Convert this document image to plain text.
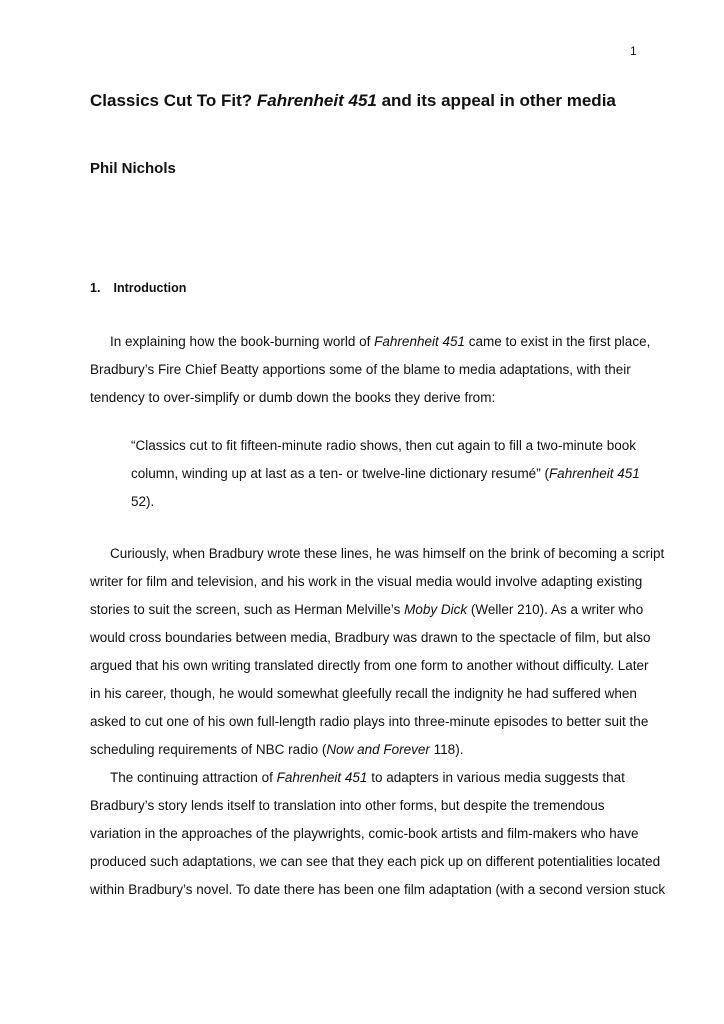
1
Classics Cut To Fit? Fahrenheit 451 and its appeal in other media
Phil Nichols
1. Introduction
In explaining how the book-burning world of Fahrenheit 451 came to exist in the first place,
Bradbury’s Fire Chief Beatty apportions some of the blame to media adaptations, with their
tendency to over-simplify or dumb down the books they derive from:
“Classics cut to fit fifteen-minute radio shows, then cut again to fill a two-minute book
column, winding up at last as a ten- or twelve-line dictionary resumé” (Fahrenheit 451
52).
Curiously, when Bradbury wrote these lines, he was himself on the brink of becoming a script
writer for film and television, and his work in the visual media would involve adapting existing
stories to suit the screen, such as Herman Melville’s Moby Dick (Weller 210). As a writer who
would cross boundaries between media, Bradbury was drawn to the spectacle of film, but also
argued that his own writing translated directly from one form to another without difficulty. Later
in his career, though, he would somewhat gleefully recall the indignity he had suffered when
asked to cut one of his own full-length radio plays into three-minute episodes to better suit the
scheduling requirements of NBC radio (Now and Forever 118).
The continuing attraction of Fahrenheit 451 to adapters in various media suggests that
Bradbury’s story lends itself to translation into other forms, but despite the tremendous
variation in the approaches of the playwrights, comic-book artists and film-makers who have
produced such adaptations, we can see that they each pick up on different potentialities located
within Bradbury’s novel. To date there has been one film adaptation (with a second version stuck
